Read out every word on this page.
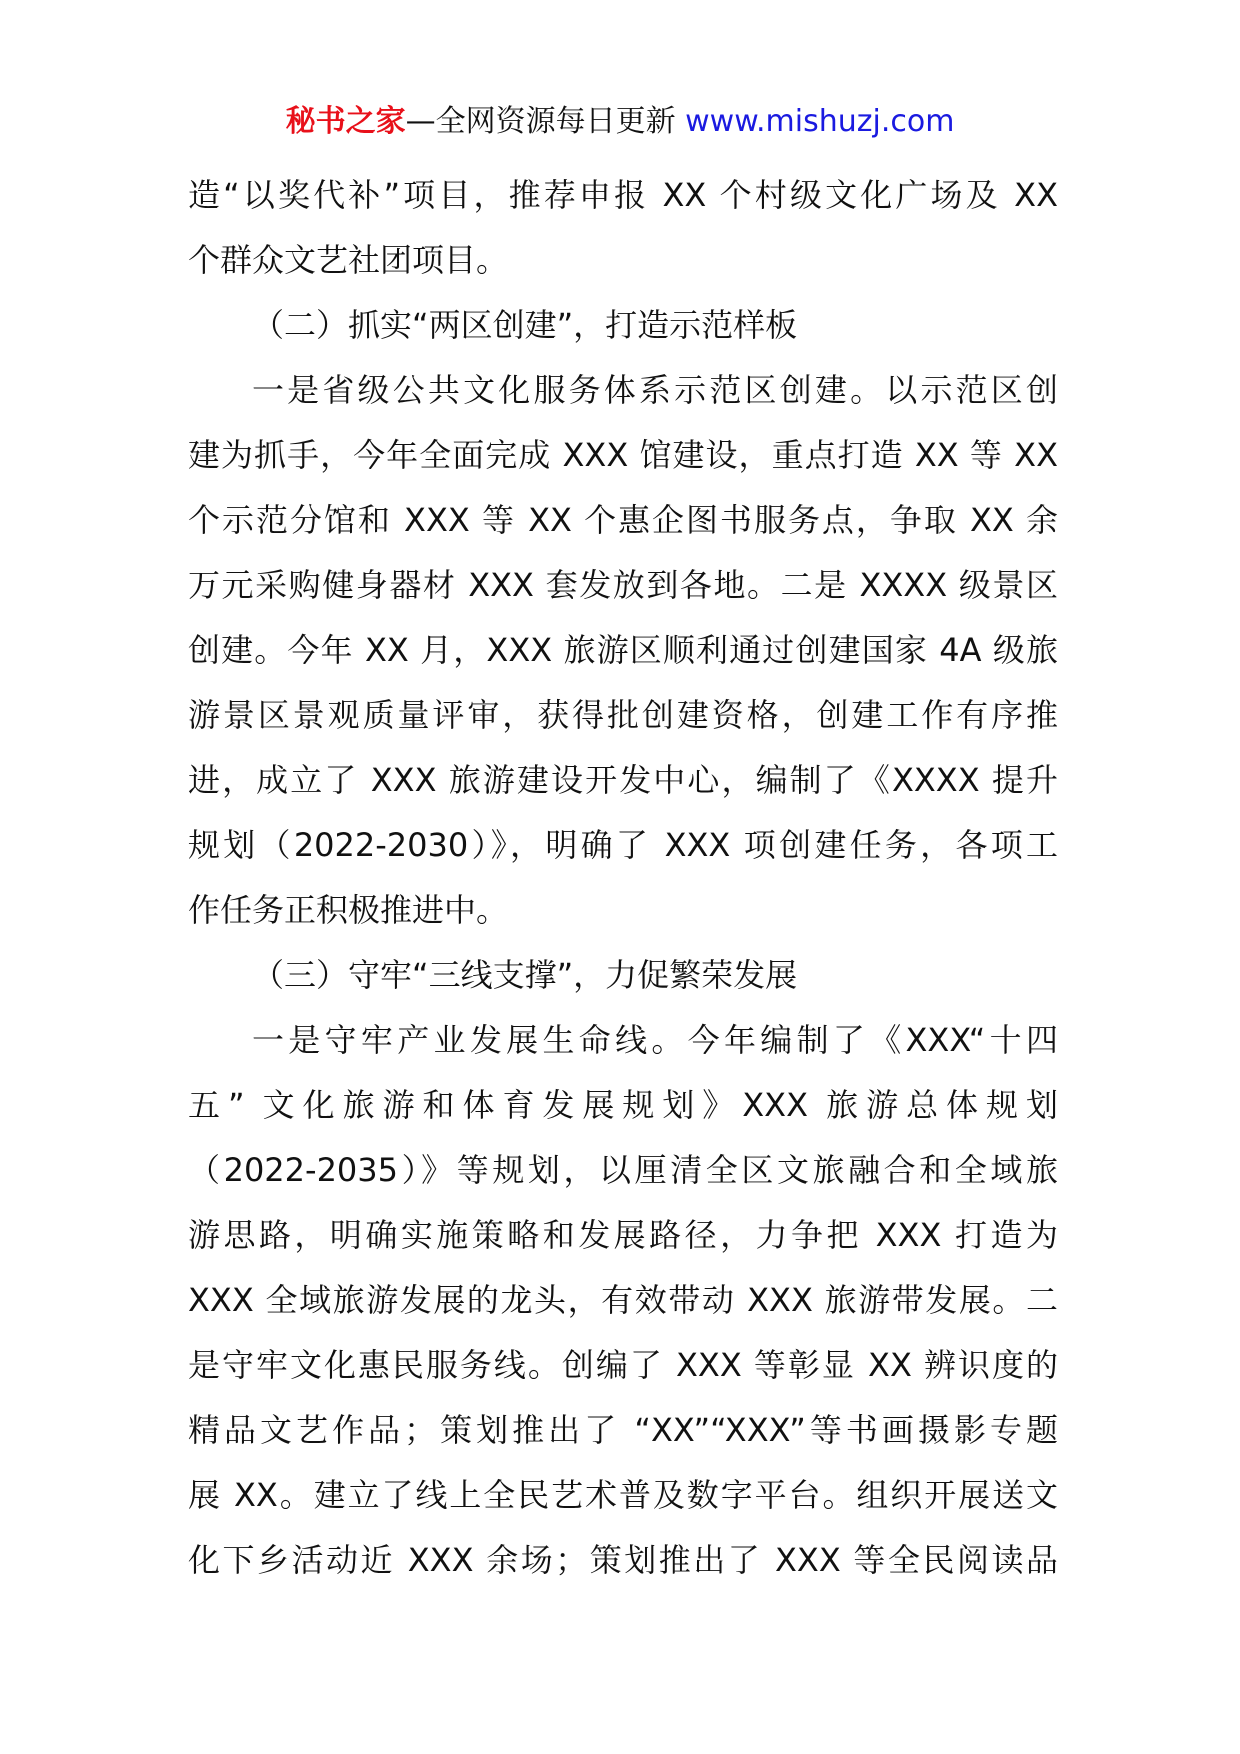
秘书之家—全网资源每日更新 www.mishuzj.com
造“以奖代补”项目，推荐申报 XX 个村级文化广场及 XX
个群众文艺社团项目。
（二）抓实“两区创建”，打造示范样板
一是省级公共文化服务体系示范区创建。以示范区创
建为抓手，今年全面完成 XXX 馆建设，重点打造 XX 等 XX
个示范分馆和 XXX 等 XX 个惠企图书服务点，争取 XX 余
万元采购健身器材 XXX 套发放到各地。二是 XXXX 级景区
创建。今年 XX 月，XXX 旅游区顺利通过创建国家 4A 级旅
游景区景观质量评审，获得批创建资格，创建工作有序推
进，成立了 XXX 旅游建设开发中心，编制了《XXXX 提升
规划（2022-2030）》，明确了 XXX 项创建任务，各项工
作任务正积极推进中。
（三）守牢“三线支撑”，力促繁荣发展
一是守牢产业发展生命线。今年编制了《XXX“十四
五” 文化旅游和体育发展规划》XXX 旅游总体规划
（2022-2035）》等规划，以厘清全区文旅融合和全域旅
游思路，明确实施策略和发展路径，力争把 XXX 打造为
XXX 全域旅游发展的龙头，有效带动 XXX 旅游带发展。二
是守牢文化惠民服务线。创编了 XXX 等彰显 XX 辨识度的
精品文艺作品；策划推出了 “XX”“XXX”等书画摄影专题
展 XX。建立了线上全民艺术普及数字平台。组织开展送文
化下乡活动近 XXX 余场；策划推出了 XXX 等全民阅读品
